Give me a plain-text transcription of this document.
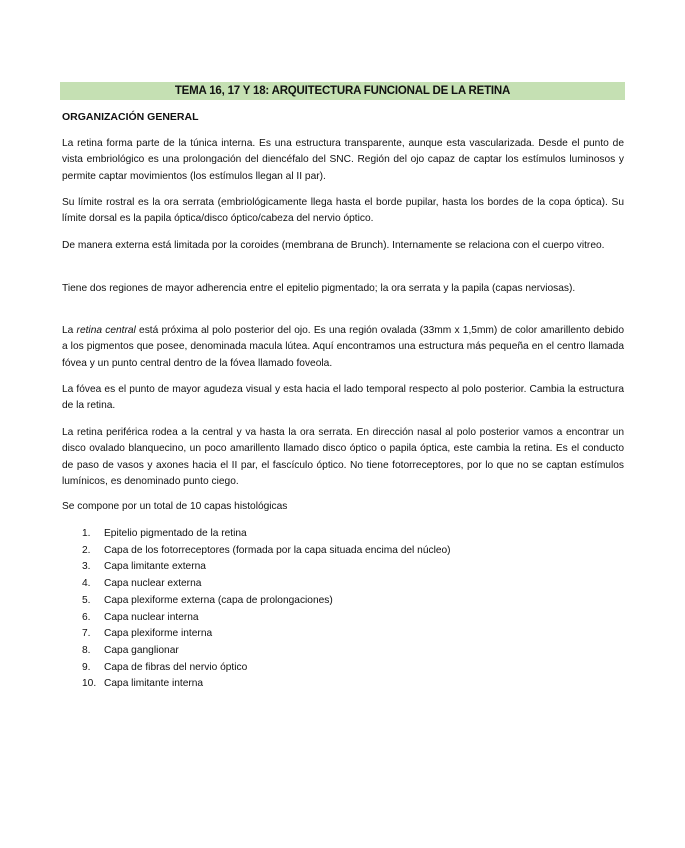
TEMA 16, 17 Y 18: ARQUITECTURA FUNCIONAL DE LA RETINA
ORGANIZACIÓN GENERAL

La retina forma parte de la túnica interna. Es una estructura transparente, aunque esta vascularizada. Desde el punto de vista embriológico es una prolongación del diencéfalo del SNC. Región del ojo capaz de captar los estímulos luminosos y permite captar movimientos (los estímulos llegan al II par).

Su límite rostral es la ora serrata (embriológicamente llega hasta el borde pupilar, hasta los bordes de la copa óptica). Su límite dorsal es la papila óptica/disco óptico/cabeza del nervio óptico.

De manera externa está limitada por la coroides (membrana de Brunch). Internamente se relaciona con el cuerpo vitreo.

Tiene dos regiones de mayor adherencia entre el epitelio pigmentado; la ora serrata y la papila (capas nerviosas).

La retina central está próxima al polo posterior del ojo. Es una región ovalada (33mm x 1,5mm) de color amarillento debido a los pigmentos que posee, denominada macula lútea. Aquí encontramos una estructura más pequeña en el centro llamada fóvea y un punto central dentro de la fóvea llamado foveola.

La fóvea es el punto de mayor agudeza visual y esta hacia el lado temporal respecto al polo posterior. Cambia la estructura de la retina.

La retina periférica rodea a la central y va hasta la ora serrata. En dirección nasal al polo posterior vamos a encontrar un disco ovalado blanquecino, un poco amarillento llamado disco óptico o papila óptica, este cambia la retina. Es el conducto de paso de vasos y axones hacia el II par, el fascículo óptico. No tiene fotorreceptores, por lo que no se captan estímulos lumínicos, es denominado punto ciego.

Se compone por un total de 10 capas histológicas
1.	Epitelio pigmentado de la retina
2.	Capa de los fotorreceptores (formada por la capa situada encima del núcleo)
3.	Capa limitante externa
4.	Capa nuclear externa
5.	Capa plexiforme externa (capa de prolongaciones)
6.	Capa nuclear interna
7.	Capa plexiforme interna
8.	Capa ganglionar
9.	Capa de fibras del nervio óptico
10. Capa limitante interna
